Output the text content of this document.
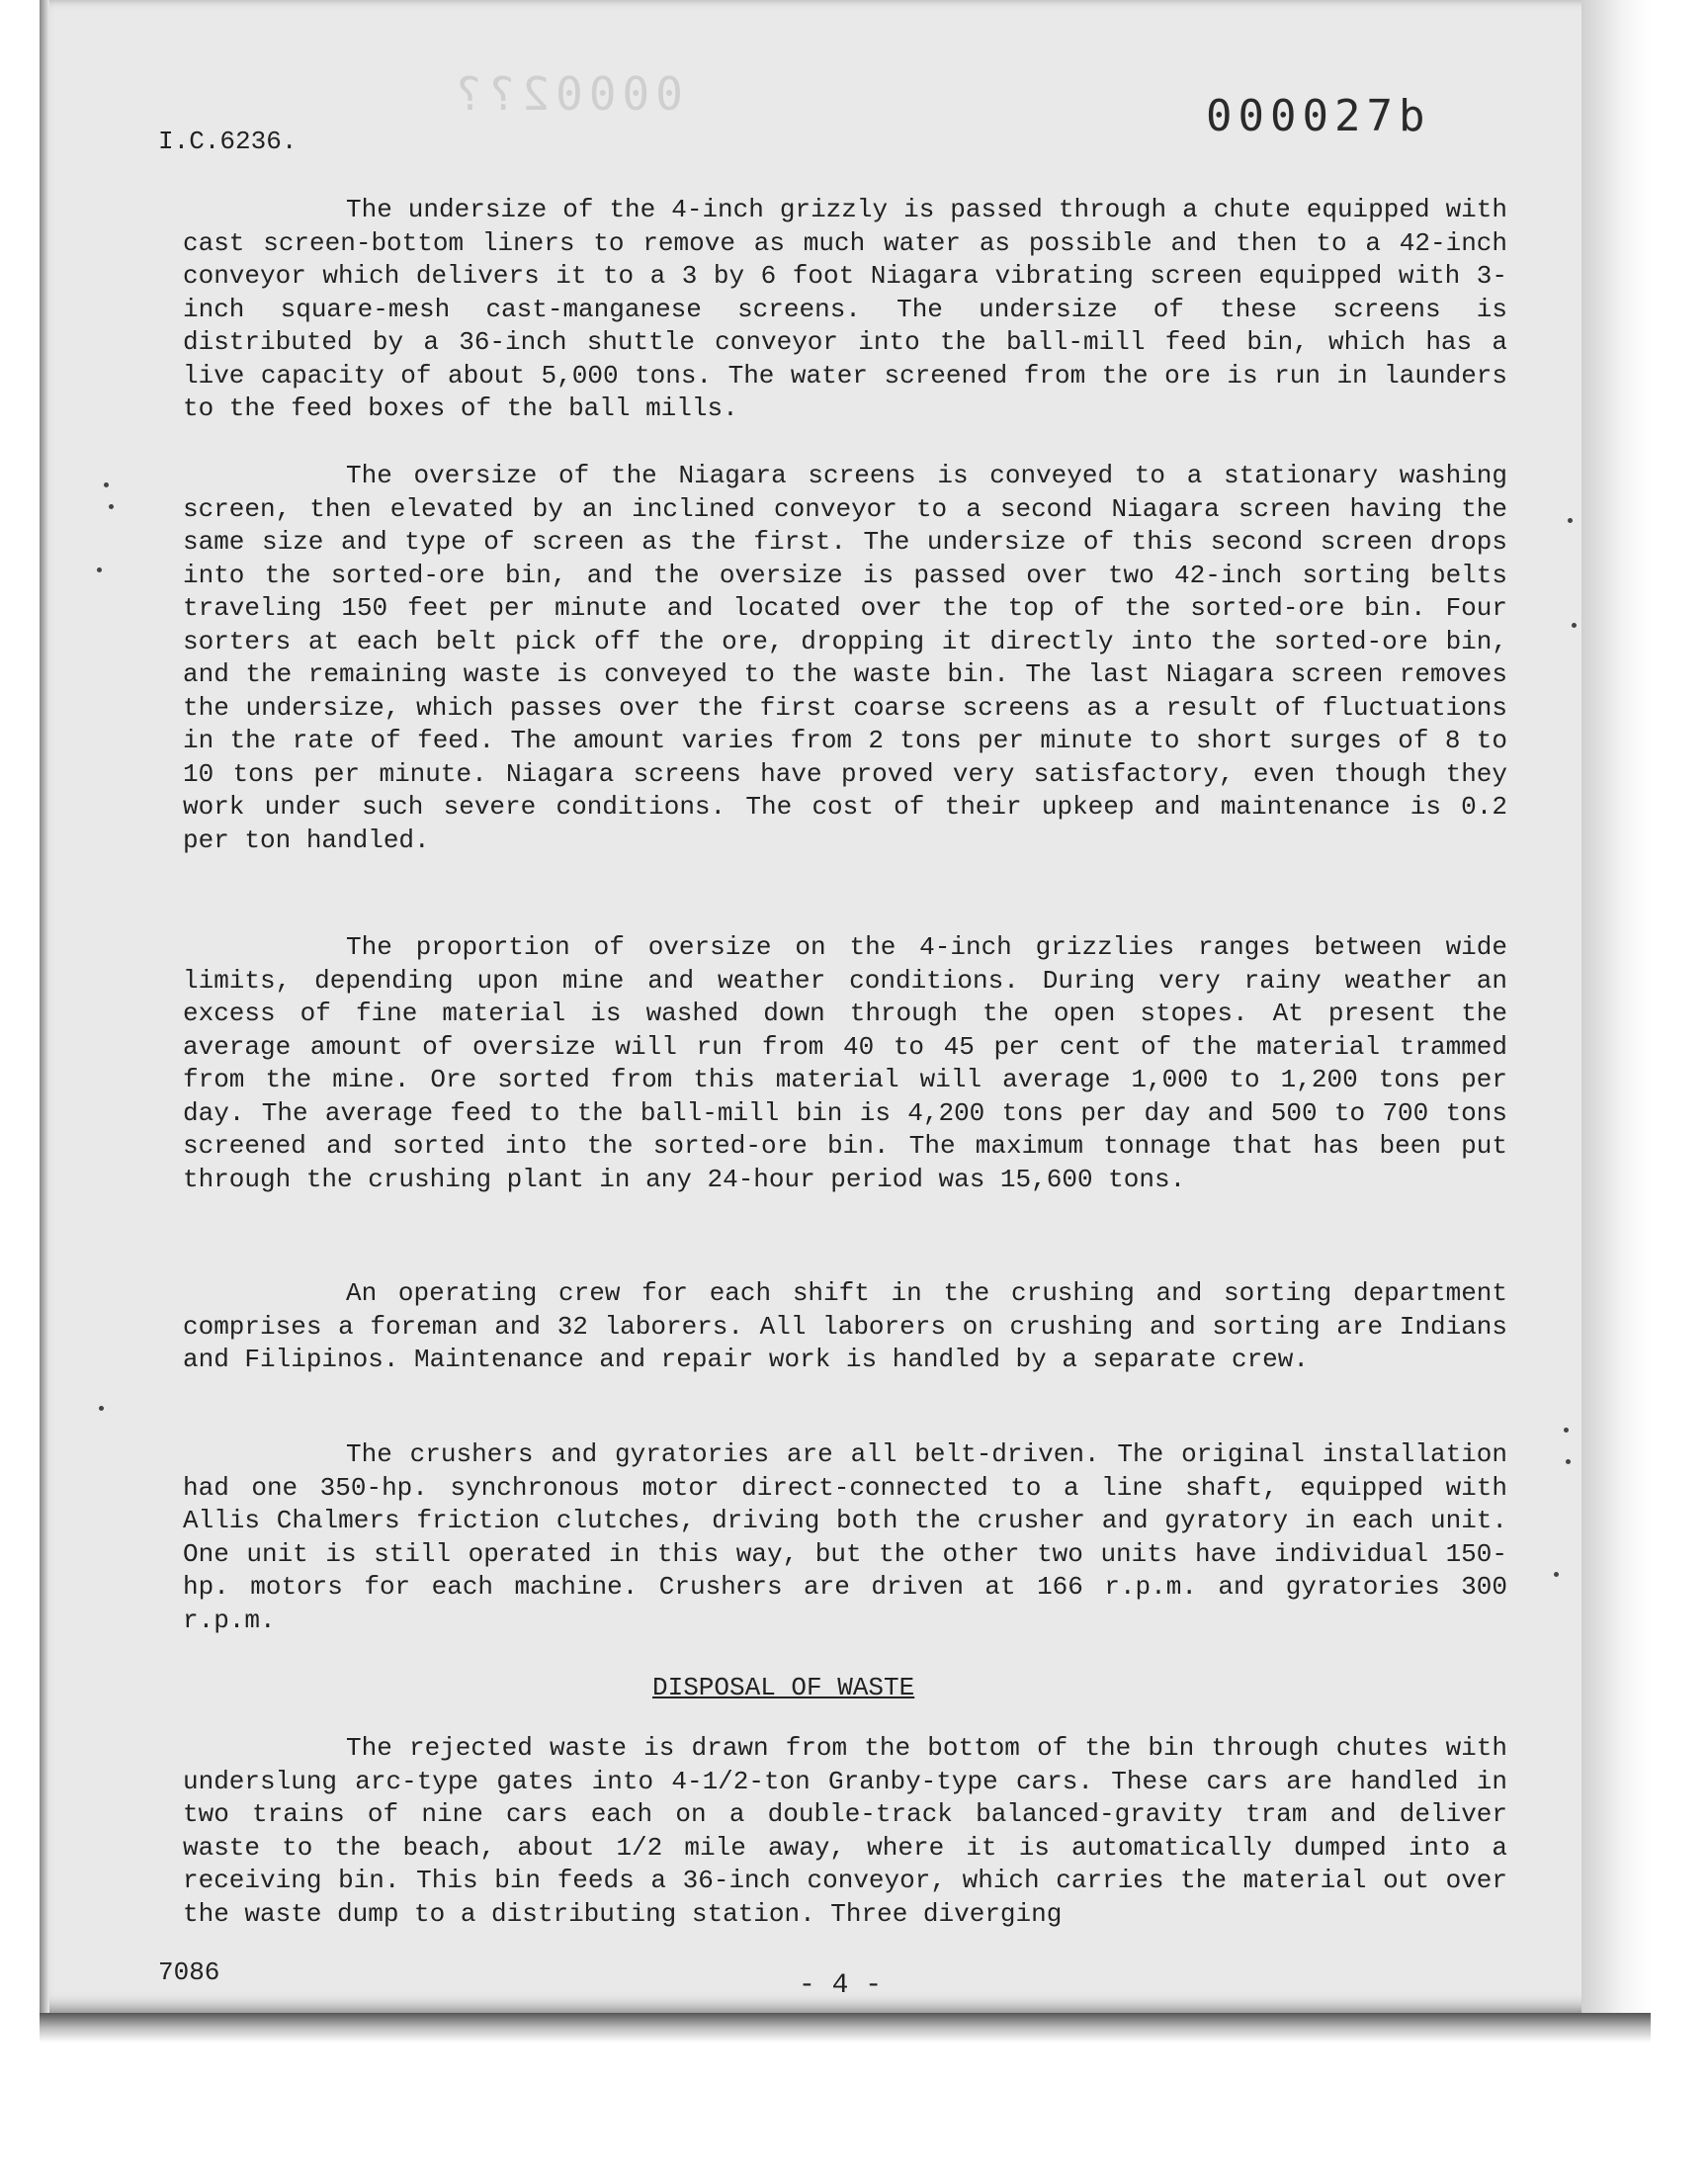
00002??	000027b
I.C.6236.
The undersize of the 4-inch grizzly is passed through a chute equipped with cast screen-bottom liners to remove as much water as possible and then to a 42-inch conveyor which delivers it to a 3 by 6 foot Niagara vibrating screen equipped with 3-inch square-mesh cast-manganese screens. The undersize of these screens is distributed by a 36-inch shuttle conveyor into the ball-mill feed bin, which has a live capacity of about 5,000 tons. The water screened from the ore is run in launders to the feed boxes of the ball mills.
The oversize of the Niagara screens is conveyed to a stationary washing screen, then elevated by an inclined conveyor to a second Niagara screen having the same size and type of screen as the first. The undersize of this second screen drops into the sorted-ore bin, and the oversize is passed over two 42-inch sorting belts traveling 150 feet per minute and located over the top of the sorted-ore bin. Four sorters at each belt pick off the ore, dropping it directly into the sorted-ore bin, and the remaining waste is conveyed to the waste bin. The last Niagara screen removes the undersize, which passes over the first coarse screens as a result of fluctuations in the rate of feed. The amount varies from 2 tons per minute to short surges of 8 to 10 tons per minute. Niagara screens have proved very satisfactory, even though they work under such severe conditions. The cost of their upkeep and maintenance is 0.2 per ton handled.
The proportion of oversize on the 4-inch grizzlies ranges between wide limits, depending upon mine and weather conditions. During very rainy weather an excess of fine material is washed down through the open stopes. At present the average amount of oversize will run from 40 to 45 per cent of the material trammed from the mine. Ore sorted from this material will average 1,000 to 1,200 tons per day. The average feed to the ball-mill bin is 4,200 tons per day and 500 to 700 tons screened and sorted into the sorted-ore bin. The maximum tonnage that has been put through the crushing plant in any 24-hour period was 15,600 tons.
An operating crew for each shift in the crushing and sorting department comprises a foreman and 32 laborers. All laborers on crushing and sorting are Indians and Filipinos. Maintenance and repair work is handled by a separate crew.
The crushers and gyratories are all belt-driven. The original installation had one 350-hp. synchronous motor direct-connected to a line shaft, equipped with Allis Chalmers friction clutches, driving both the crusher and gyratory in each unit. One unit is still operated in this way, but the other two units have individual 150-hp. motors for each machine. Crushers are driven at 166 r.p.m. and gyratories 300 r.p.m.
DISPOSAL OF WASTE
The rejected waste is drawn from the bottom of the bin through chutes with underslung arc-type gates into 4-1/2-ton Granby-type cars. These cars are handled in two trains of nine cars each on a double-track balanced-gravity tram and deliver waste to the beach, about 1/2 mile away, where it is automatically dumped into a receiving bin. This bin feeds a 36-inch conveyor, which carries the material out over the waste dump to a distributing station. Three diverging
7086	- 4 -
